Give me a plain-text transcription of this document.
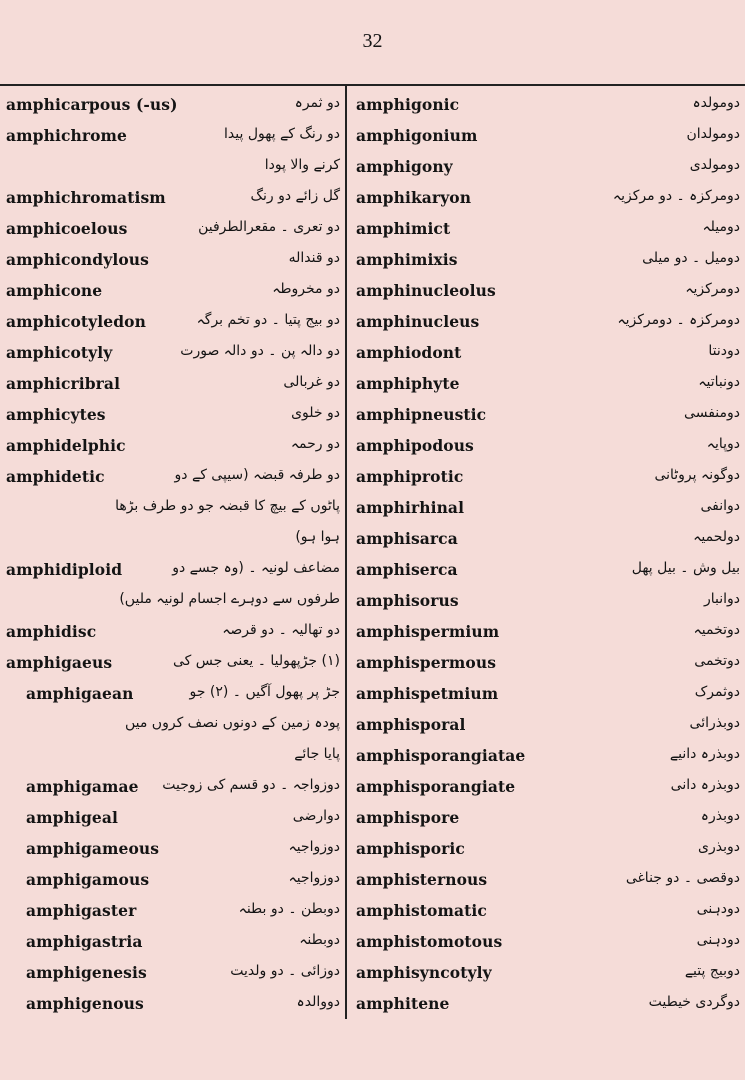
32
amphicarpous (-us)	دو ثمرہ
amphichrome	دو رنگ کے پھول پیدا
کرنے والا پودا
amphichromatism	گل زائے دو رنگ
amphicoelous	دو تعری ۔ مقعرالطرفین
amphicondylous	دو قنداله
amphicone	دو مخروطہ
amphicotyledon	دو بیج پتیا ۔ دو تخم برگہ
amphicotyly	دو دالہ پن ۔ دو دالہ صورت
amphicribral	دو غربالی
amphicytes	دو خلوی
amphidelphic	دو رحمہ
amphidetic	دو طرفہ قبضہ (سیپی کے دو
پاٹوں کے بیچ کا قبضہ جو دو طرف بڑھا
ہوا ہو)
amphidiploid	مضاعف لونیہ ۔ (وہ جسے دو
طرفوں سے دوہرے اجسام لونیہ ملیں)
amphidisc	دو تھالیہ ۔ دو قرصہ
amphigaeus	(۱) جڑپھولیا ۔ یعنی جس کی
amphigaean	جڑ پر پھول آگیں ۔ (۲) جو
پودہ زمین کے دونوں نصف کروں میں
پایا جائے
amphigamae دوزواجہ ۔ دو قسم کی زوجیت
amphigeal	دوارضی
amphigameous	دوزواجیہ
amphigamous	دوزواجیہ
amphigaster	دوبطن ۔ دو بطنہ
amphigastria	دوبطنہ
amphigenesis	دوزائی ۔ دو ولدیت
amphigenous	دووالدہ
amphigonic	دومولدہ
amphigonium	دومولدان
amphigony	دومولدی
amphikaryon	دومرکزہ ۔ دو مرکزیہ
amphimict	دومیلہ
amphimixis	دومیل ۔ دو میلی
amphinucleolus	دومرکزیہ
amphinucleus	دومرکزہ ۔ دومرکزیہ
amphiodont	دودنتا
amphiphyte	دونباتیہ
amphipneustic	دومنفسی
amphipodous	دوپایہ
amphiprotic	دوگونہ پروٹانی
amphirhinal	دوانفی
amphisarca	دولحمیہ
amphiserca	بیل وش ۔ بیل پھل
amphisorus	دوانبار
amphispermium	دوتخمیہ
amphispermous	دوتخمی
amphispetmium	دوثمرک
amphisporal	دوبذرائی
amphisporangiatae	دوبذرہ دانیے
amphisporangiate	دوبذرہ دانی
amphispore	دوبذرہ
amphisporic	دوبذری
amphisternous	دوقصی ۔ دو جناغی
amphistomatic	دودہنی
amphistomotous	دودہنی
amphisyncotyly	دوبیج پتیے
amphitene	دوگردی خیطیت
